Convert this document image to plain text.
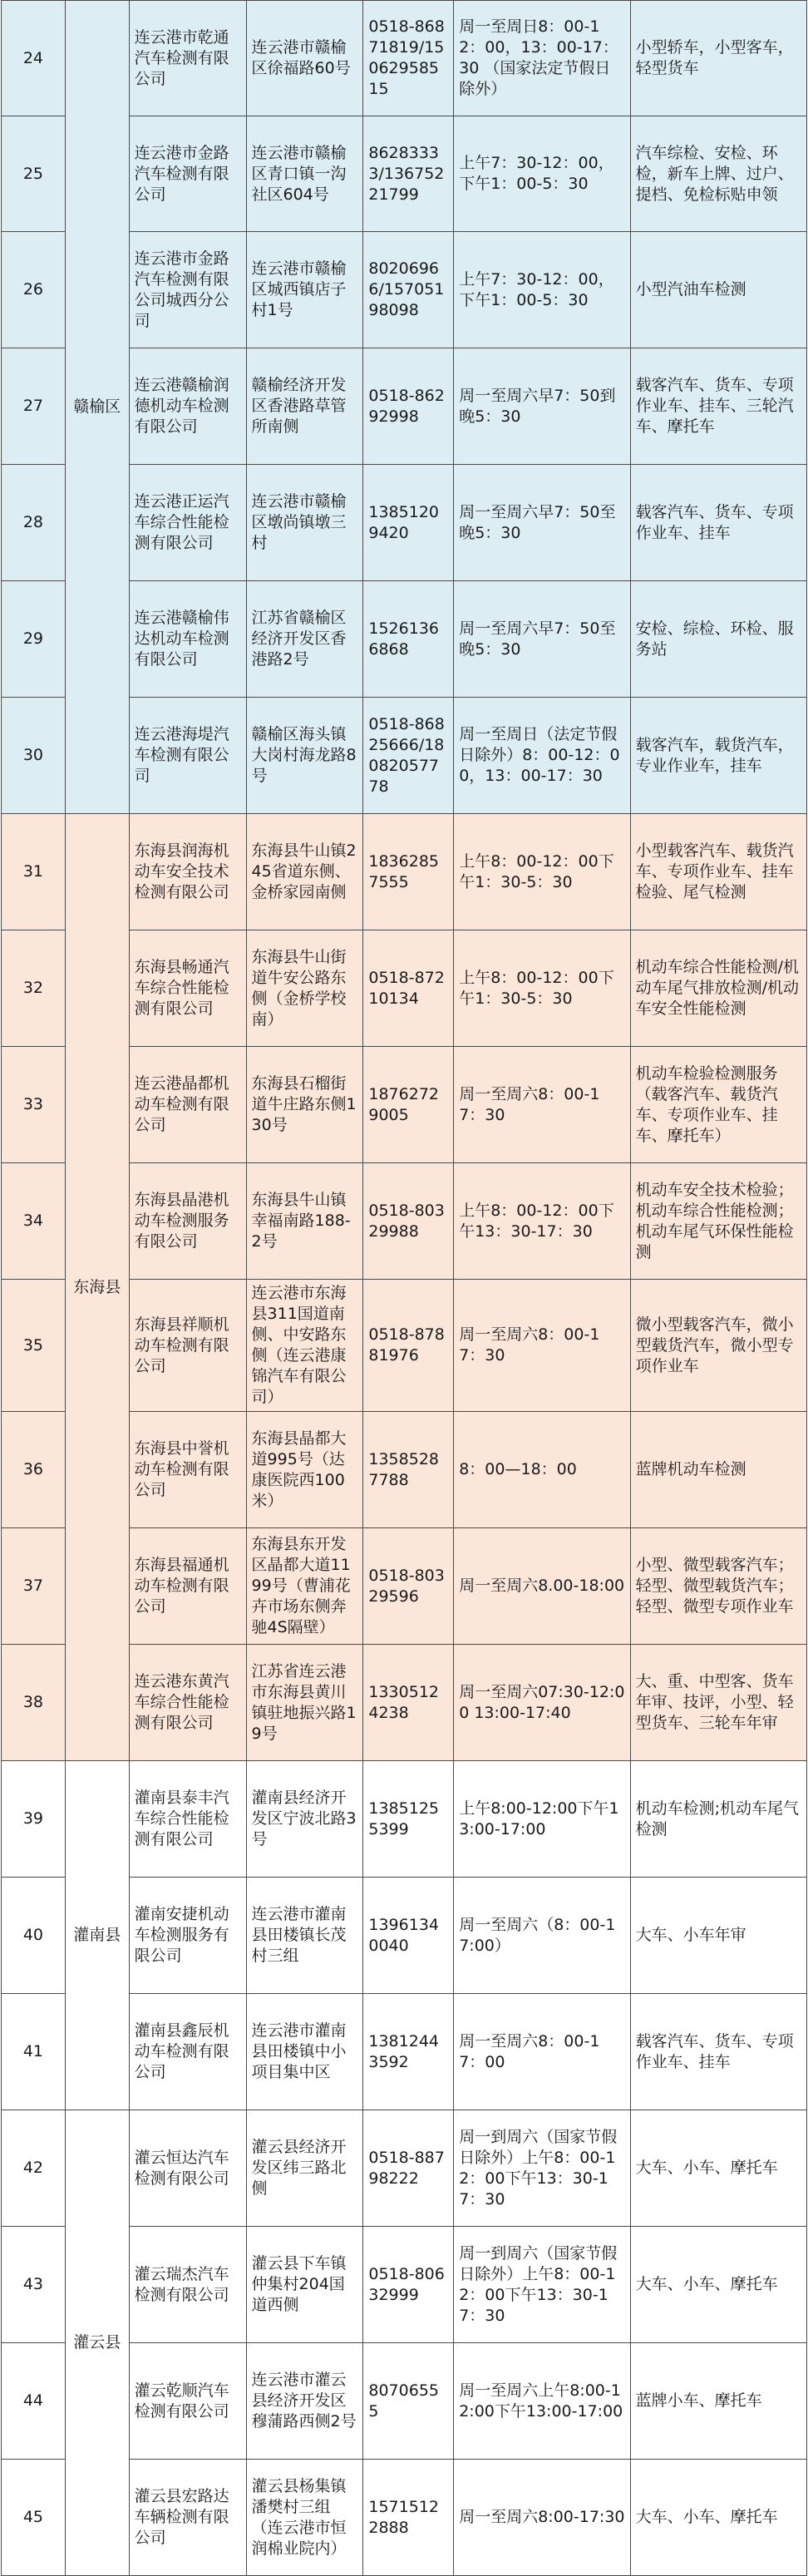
24	赣榆区	连云港市乾通汽车检测有限公司	连云港市赣榆区徐福路60号	0518-86871819/15062958515	周一至周日8：00-12：00，13：00-17：30 （国家法定节假日除外）	小型轿车，小型客车，轻型货车
25		连云港市金路汽车检测有限公司	连云港市赣榆区青口镇一沟社区604号	86283333/13675221799	上午7：30-12：00，下午1：00-5：30	汽车综检、安检、环检，新车上牌、过户、提档、免检标贴申领
26		连云港市金路汽车检测有限公司城西分公司	连云港市赣榆区城西镇店子村1号	80206966/15705198098	上午7：30-12：00，下午1：00-5：30	小型汽油车检测
27		连云港赣榆润德机动车检测有限公司	赣榆经济开发区香港路草管所南侧	0518-86292998	周一至周六早7：50到晚5：30	载客汽车、货车、专项作业车、挂车、三轮汽车、摩托车
28		连云港正运汽车综合性能检测有限公司	连云港市赣榆区墩尚镇墩三村	13851209420	周一至周六早7：50至晚5：30	载客汽车、货车、专项作业车、挂车
29		连云港赣榆伟达机动车检测有限公司	江苏省赣榆区经济开发区香港路2号	15261366868	周一至周六早7：50至晚5：30	安检、综检、环检、服务站
30		连云港海堤汽车检测有限公司	赣榆区海头镇大岗村海龙路8号	0518-86825666/18082057778	周一至周日（法定节假日除外）8：00-12：00，13：00-17：30	载客汽车，载货汽车，专业作业车，挂车
31	东海县	东海县润海机动车安全技术检测有限公司	东海县牛山镇245省道东侧、金桥家园南侧	18362857555	上午8：00-12：00下午1：30-5：30	小型载客汽车、载货汽车、专项作业车、挂车检验、尾气检测
32		东海县畅通汽车综合性能检测有限公司	东海县牛山街道牛安公路东侧（金桥学校南）	0518-87210134	上午8：00-12：00下午1：30-5：30	机动车综合性能检测/机动车尾气排放检测/机动车安全性能检测
33		连云港晶都机动车检测有限公司	东海县石榴街道牛庄路东侧130号	18762729005	周一至周六8：00-17：30	机动车检验检测服务（载客汽车、载货汽车、专项作业车、挂车、摩托车）
34		东海县晶港机动车检测服务有限公司	东海县牛山镇幸福南路188-2号	0518-80329988	上午8：00-12：00下午13：30-17：30	机动车安全技术检验；机动车综合性能检测；机动车尾气环保性能检测
35		东海县祥顺机动车检测有限公司	连云港市东海县311国道南侧、中安路东侧（连云港康锦汽车有限公司）	0518-87881976	周一至周六8：00-17：30	微小型载客汽车，微小型载货汽车，微小型专项作业车
36		东海县中誉机动车检测有限公司	东海县晶都大道995号（达康医院西100米）	13585287788	8：00—18：00	蓝牌机动车检测
37		东海县福通机动车检测有限公司	东海县东开发区晶都大道1199号（曹浦花卉市场东侧奔驰4S隔壁）	0518-80329596	周一至周六8.00-18:00	小型、微型载客汽车；轻型、微型载货汽车；轻型、微型专项作业车
38		连云港东黄汽车综合性能检测有限公司	江苏省连云港市东海县黄川镇驻地振兴路19号	13305124238	周一至周六07:30-12:00 13:00-17:40	大、重、中型客、货车年审、技评，小型、轻型货车、三轮车年审
39	灌南县	灌南县泰丰汽车综合性能检测有限公司	灌南县经济开发区宁波北路3号	13851255399	上午8:00-12:00下午13:00-17:00	机动车检测;机动车尾气检测
40		灌南安捷机动车检测服务有限公司	连云港市灌南县田楼镇长茂村三组	13961340040	周一至周六（8：00-17:00）	大车、小车年审
41		灌南县鑫辰机动车检测有限公司	连云港市灌南县田楼镇中小项目集中区	13812443592	周一至周六8：00-17：00	载客汽车、货车、专项作业车、挂车
42	灌云县	灌云恒达汽车检测有限公司	灌云县经济开发区纬三路北侧	0518-88798222	周一到周六（国家节假日除外）上午8：00-12：00下午13：30-17：30	大车、小车、摩托车
43		灌云瑞杰汽车检测有限公司	灌云县下车镇仲集村204国道西侧	0518-80632999	周一到周六（国家节假日除外）上午8：00-12：00下午13：30-17：30	大车、小车、摩托车
44		灌云乾顺汽车检测有限公司	连云港市灌云县经济开发区穆蒲路西侧2号	80706555	周一至周六上午8:00-12:00下午13:00-17:00	蓝牌小车、摩托车
45		灌云县宏路达车辆检测有限公司	灌云县杨集镇潘樊村三组（连云港市恒润棉业院内）	15715122888	周一至周六8:00-17:30	大车、小车、摩托车
